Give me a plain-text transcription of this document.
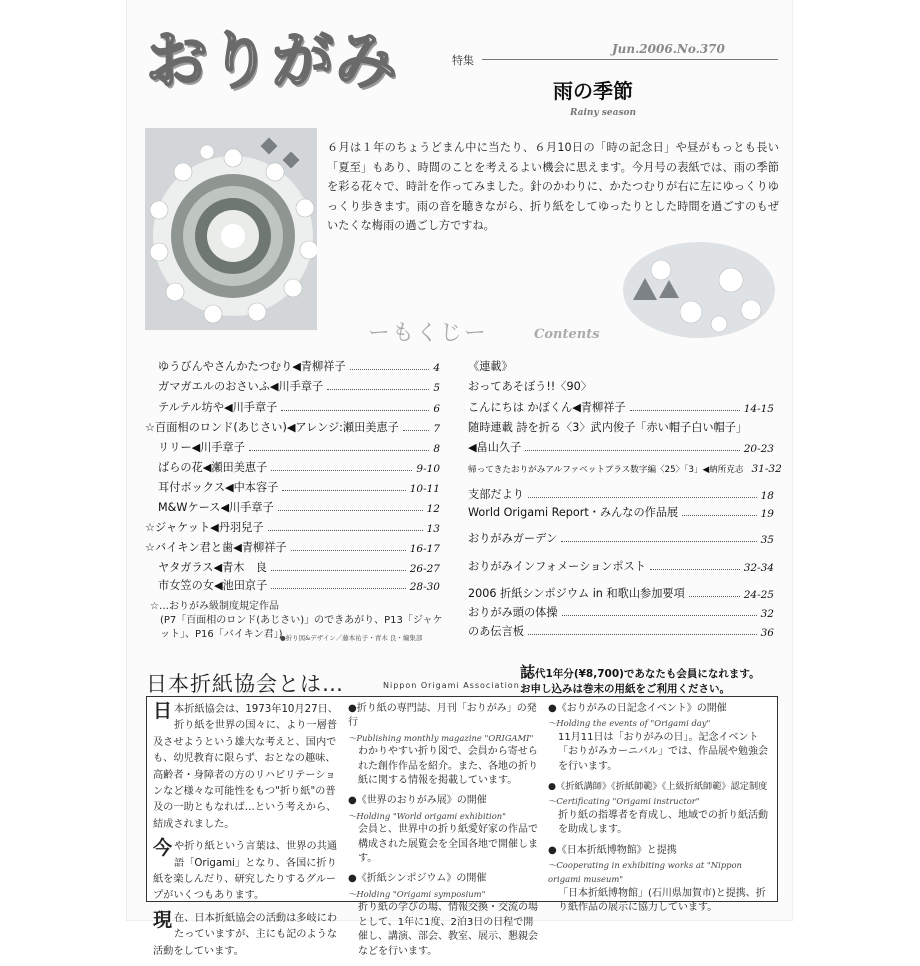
おりがみ	特集
Jun.2006.No.370
雨の季節
Rainy season
６月は１年のちょうどまん中に当たり、６月10日の「時の記念日」や昼がもっとも長い「夏至」もあり、時間のことを考えるよい機会に思えます。今月号の表紙では、雨の季節を彩る花々で、時計を作ってみました。針のかわりに、かたつむりが右に左にゆっくりゆっくり歩きます。雨の音を聴きながら、折り紙をしてゆったりとした時間を過ごすのもぜいたくな梅雨の過ごし方ですね。
ーもくじー	Contents
ゆうびんやさんかたつむり◀青柳祥子	4
ガマガエルのおさいふ◀川手章子	5
テルテル坊や◀川手章子	6
☆百面相のロンド(あじさい)◀アレンジ:瀬田美恵子	7
リリー◀川手章子	8
ばらの花◀瀬田美恵子	9-10
耳付ボックス◀中本容子	10-11
M&Wケース◀川手章子	12
☆ジャケット◀丹羽兒子	13
☆バイキン君と歯◀青柳祥子	16-17
ヤタガラス◀青木　良	26-27
市女笠の女◀池田京子	28-30
《連載》
おってあそぼう!!〈90〉
こんにちは かぼくん◀青柳祥子	14-15
随時連載 詩を折る〈3〉武内俊子「赤い帽子白い帽子」
◀畠山久子	20-23
帰ってきたおりがみアルファベットプラス数字編〈25〉「3」◀納所克志 31-32
支部だより	18
World Origami Report・みんなの作品展	19
おりがみガーデン	35
おりがみインフォメーションポスト	32-34
2006 折紙シンポジウム in 和歌山参加要項	24-25
おりがみ頭の体操	32
のあ伝言板	36
☆…おりがみ級制度規定作品
(P7「百面相のロンド(あじさい)」のできあがり、P13「ジャケット」、P16「バイキン君」)
●折り図&デザイン／藤本祐子・青木 良・編集部
日本折紙協会とは…	Nippon Origami Association
誌代1年分(¥8,700)であなたも会員になれます。
お申し込みは巻末の用紙をご利用ください。
日本折紙協会は、1973年10月27日、折り紙を世界の国々に、より一層普及させようという雄大な考えと、国内でも、幼児教育に限らず、おとなの趣味、高齢者・身障者の方のリハビリテーションなど様々な可能性をもつ"折り紙"の普及の一助ともなれば…という考えから、結成されました。
今や折り紙という言葉は、世界の共通語「Origami」となり、各国に折り紙を楽しんだり、研究したりするグループがいくつもあります。
現在、日本折紙協会の活動は多岐にわたっていますが、主にも記のような活動をしています。
●折り紙の専門誌、月刊「おりがみ」の発行
～Publishing monthly magazine "ORIGAMI"
わかりやすい折り図で、会員から寄せられた創作作品を紹介。また、各地の折り紙に関する情報を掲載しています。
●《世界のおりがみ展》の開催
～Holding "World origami exhibition"
会員と、世界中の折り紙愛好家の作品で構成された展覧会を全国各地で開催します。
●《折紙シンポジウム》の開催
～Holding "Origami symposium"
折り紙の学びの場、情報交換・交流の場として、1年に1度、2泊3日の日程で開催し、講演、部会、教室、展示、懇親会などを行います。
●《おりがみの日記念イベント》の開催
～Holding the events of "Origami day"
11月11日は「おりがみの日」。記念イベント「おりがみカーニバル」では、作品展や勉強会を行います。
●《折紙講師》《折紙師範》《上級折紙師範》認定制度
～Certificating "Origami instructor"
折り紙の指導者を育成し、地域での折り紙活動を助成します。
●《日本折紙博物館》と提携
～Cooperating in exhibiting works at "Nippon origami museum"
「日本折紙博物館」(石川県加賀市)と提携、折り紙作品の展示に協力しています。
